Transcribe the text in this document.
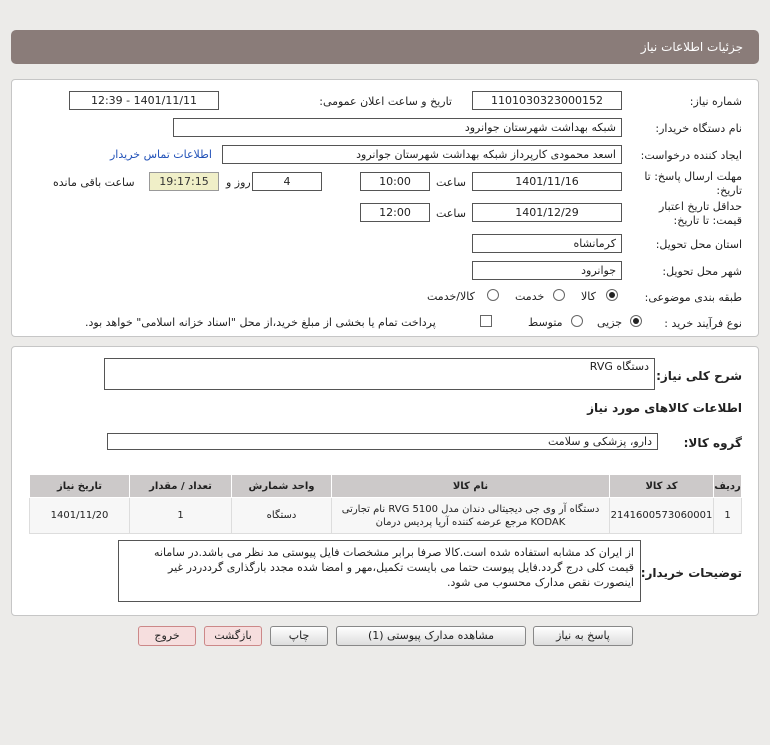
جزئیات اطلاعات نیاز
شماره نیاز:
1101030323000152
تاریخ و ساعت اعلان عمومی:
1401/11/11 - 12:39
نام دستگاه خریدار:
شبکه بهداشت شهرستان جوانرود
ایجاد کننده درخواست:
اسعد محمودی کارپرداز شبکه بهداشت شهرستان جوانرود
اطلاعات تماس خریدار
مهلت ارسال پاسخ: تا تاریخ:
1401/11/16
ساعت
10:00
4
روز و
19:17:15
ساعت باقی مانده
حداقل تاریخ اعتبار قیمت: تا تاریخ:
1401/12/29
ساعت
12:00
استان محل تحویل:
کرمانشاه
شهر محل تحویل:
جوانرود
طبقه بندی موضوعی:
کالا
خدمت
کالا/خدمت
نوع فرآیند خرید :
جزیی
متوسط
پرداخت تمام یا بخشی از مبلغ خرید،از محل "اسناد خزانه اسلامی" خواهد بود.
شرح کلی نیاز:
دستگاه RVG
اطلاعات کالاهای مورد نیاز
گروه کالا:
دارو، پزشکی و سلامت
ردیف	کد کالا	نام کالا	واحد شمارش	تعداد / مقدار	تاریخ نیاز
1	2141600573060001	دستگاه آر وی جی دیجیتالی دندان مدل RVG 5100 نام تجارتی KODAK مرجع عرضه کننده آریا پردیس درمان	دستگاه	1	1401/11/20
توضیحات خریدار:
از ایران کد مشابه استفاده شده است.کالا صرفا برابر مشخصات فایل پیوستی مد نظر می باشد.در سامانه قیمت کلی درج گردد.فایل پیوست حتما می بایست تکمیل،مهر و امضا شده مجدد بارگذاری گرددردر غیر اینصورت نقص مدارک محسوب می شود.
پاسخ به نیاز
مشاهده مدارک پیوستی (1)
چاپ
بازگشت
خروج
